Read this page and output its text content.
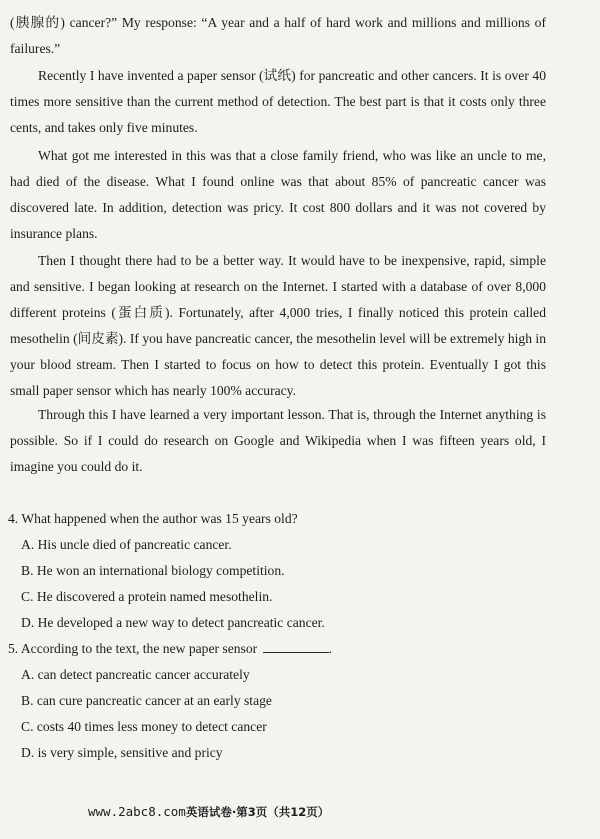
(胰腺的) cancer?” My response: “A year and a half of hard work and millions and millions of failures.”

Recently I have invented a paper sensor (试纸) for pancreatic and other cancers. It is over 40 times more sensitive than the current method of detection. The best part is that it costs only three cents, and takes only five minutes.

What got me interested in this was that a close family friend, who was like an uncle to me, had died of the disease. What I found online was that about 85% of pancreatic cancer was discovered late. In addition, detection was pricy. It cost 800 dollars and it was not covered by insurance plans.

Then I thought there had to be a better way. It would have to be inexpensive, rapid, simple and sensitive. I began looking at research on the Internet. I started with a database of over 8,000 different proteins (蛋白质). Fortunately, after 4,000 tries, I finally noticed this protein called mesothelin (间皮素). If you have pancreatic cancer, the mesothelin level will be extremely high in your blood stream. Then I started to focus on how to detect this protein. Eventually I got this small paper sensor which has nearly 100% accuracy.

Through this I have learned a very important lesson. That is, through the Internet anything is possible. So if I could do research on Google and Wikipedia when I was fifteen years old, I imagine you could do it.

4. What happened when the author was 15 years old?
A. His uncle died of pancreatic cancer.
B. He won an international biology competition.
C. He discovered a protein named mesothelin.
D. He developed a new way to detect pancreatic cancer.
5. According to the text, the new paper sensor	.
A. can detect pancreatic cancer accurately
B. can cure pancreatic cancer at an early stage
C. costs 40 times less money to detect cancer
D. is very simple, sensitive and pricy
www.2abc8.com英语试卷·第3页（共12页）
